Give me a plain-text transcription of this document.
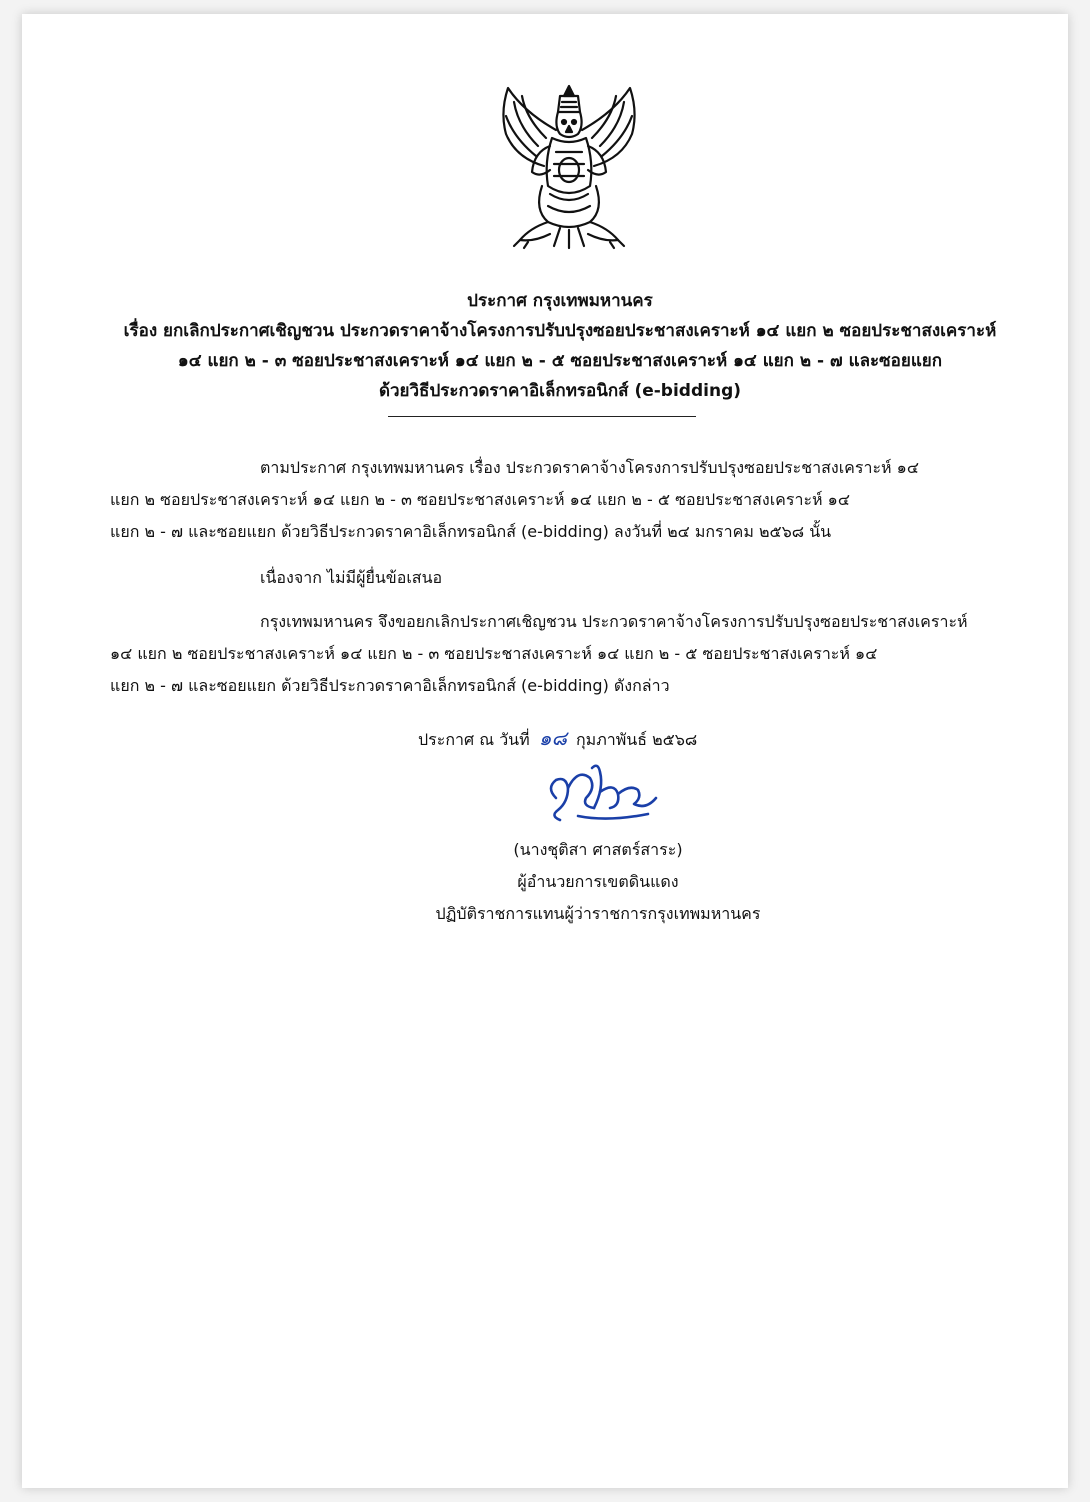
ประกาศ กรุงเทพมหานคร
เรื่อง ยกเลิกประกาศเชิญชวน ประกวดราคาจ้างโครงการปรับปรุงซอยประชาสงเคราะห์ ๑๔ แยก ๒ ซอยประชาสงเคราะห์
๑๔ แยก ๒ - ๓ ซอยประชาสงเคราะห์ ๑๔ แยก ๒ - ๕ ซอยประชาสงเคราะห์ ๑๔ แยก ๒ - ๗ และซอยแยก
ด้วยวิธีประกวดราคาอิเล็กทรอนิกส์ (e-bidding)
ตามประกาศ กรุงเทพมหานคร เรื่อง ประกวดราคาจ้างโครงการปรับปรุงซอยประชาสงเคราะห์ ๑๔
แยก ๒ ซอยประชาสงเคราะห์ ๑๔ แยก ๒ - ๓ ซอยประชาสงเคราะห์ ๑๔ แยก ๒ - ๕ ซอยประชาสงเคราะห์ ๑๔
แยก ๒ - ๗ และซอยแยก ด้วยวิธีประกวดราคาอิเล็กทรอนิกส์ (e-bidding) ลงวันที่ ๒๔ มกราคม ๒๕๖๘ นั้น
เนื่องจาก ไม่มีผู้ยื่นข้อเสนอ
กรุงเทพมหานคร จึงขอยกเลิกประกาศเชิญชวน ประกวดราคาจ้างโครงการปรับปรุงซอยประชาสงเคราะห์
๑๔ แยก ๒ ซอยประชาสงเคราะห์ ๑๔ แยก ๒ - ๓ ซอยประชาสงเคราะห์ ๑๔ แยก ๒ - ๕ ซอยประชาสงเคราะห์ ๑๔
แยก ๒ - ๗ และซอยแยก ด้วยวิธีประกวดราคาอิเล็กทรอนิกส์ (e-bidding) ดังกล่าว
ประกาศ ณ วันที่ ๑๘ กุมภาพันธ์ ๒๕๖๘
(นางชุติสา ศาสตร์สาระ)
ผู้อำนวยการเขตดินแดง
ปฏิบัติราชการแทนผู้ว่าราชการกรุงเทพมหานคร
